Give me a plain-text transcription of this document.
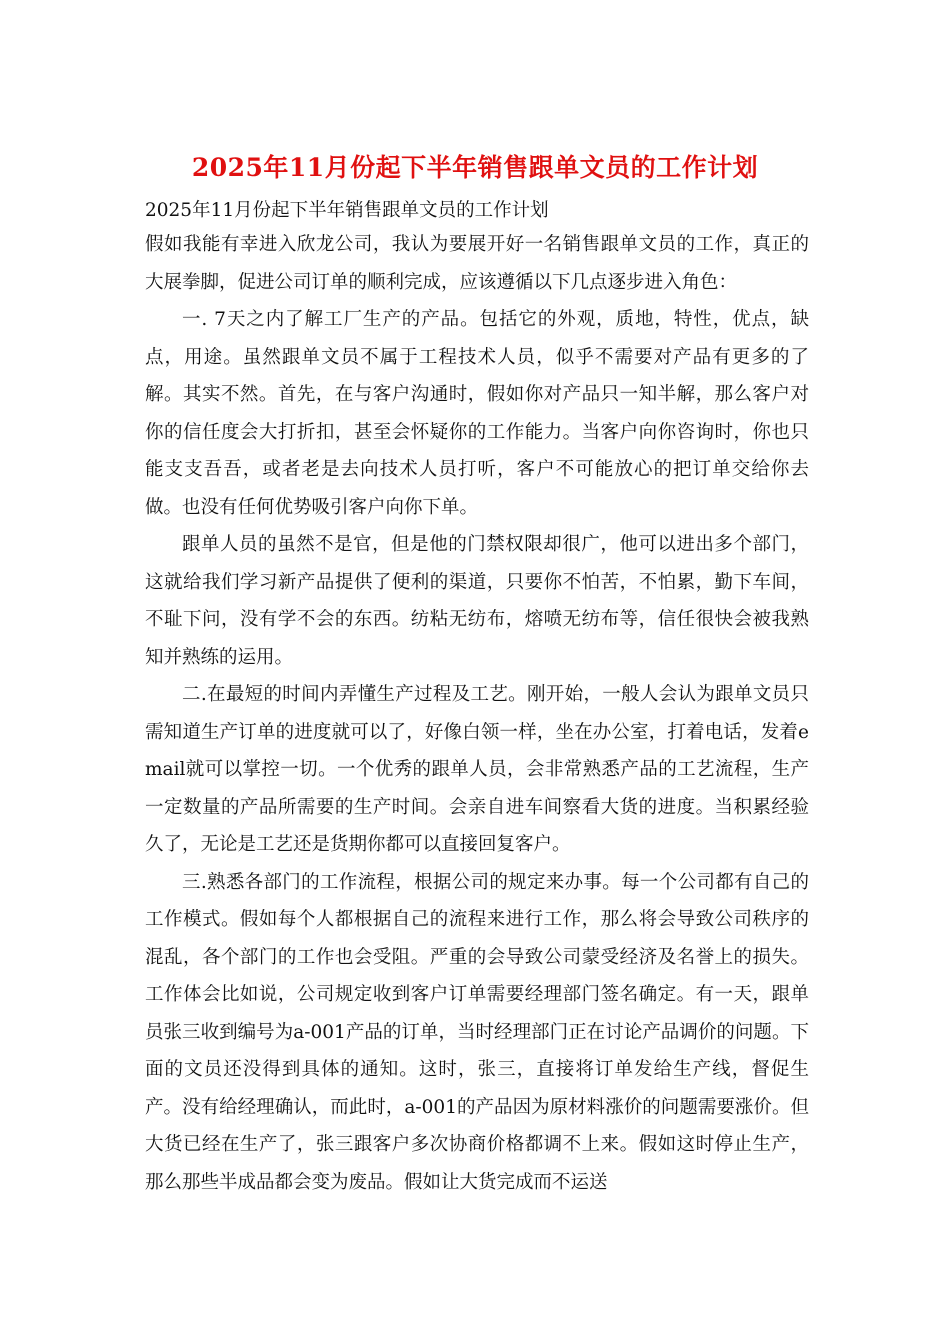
2025年11月份起下半年销售跟单文员的工作计划

2025年11月份起下半年销售跟单文员的工作计划

假如我能有幸进入欣龙公司，我认为要展开好一名销售跟单文员的工作，真正的大展拳脚，促进公司订单的顺利完成，应该遵循以下几点逐步进入角色：

一. 7天之内了解工厂生产的产品。包括它的外观，质地，特性，优点，缺点，用途。虽然跟单文员不属于工程技术人员，似乎不需要对产品有更多的了解。其实不然。首先，在与客户沟通时，假如你对产品只一知半解，那么客户对你的信任度会大打折扣，甚至会怀疑你的工作能力。当客户向你咨询时，你也只能支支吾吾，或者老是去向技术人员打听，客户不可能放心的把订单交给你去做。也没有任何优势吸引客户向你下单。

跟单人员的虽然不是官，但是他的门禁权限却很广，他可以进出多个部门，这就给我们学习新产品提供了便利的渠道，只要你不怕苦，不怕累，勤下车间，不耻下问，没有学不会的东西。纺粘无纺布，熔喷无纺布等，信任很快会被我熟知并熟练的运用。

二.在最短的时间内弄懂生产过程及工艺。刚开始，一般人会认为跟单文员只需知道生产订单的进度就可以了，好像白领一样，坐在办公室，打着电话，发着email就可以掌控一切。一个优秀的跟单人员，会非常熟悉产品的工艺流程，生产一定数量的产品所需要的生产时间。会亲自进车间察看大货的进度。当积累经验久了，无论是工艺还是货期你都可以直接回复客户。

三.熟悉各部门的工作流程，根据公司的规定来办事。每一个公司都有自己的工作模式。假如每个人都根据自己的流程来进行工作，那么将会导致公司秩序的混乱，各个部门的工作也会受阻。严重的会导致公司蒙受经济及名誉上的损失。工作体会比如说，公司规定收到客户订单需要经理部门签名确定。有一天，跟单员张三收到编号为a-001产品的订单，当时经理部门正在讨论产品调价的问题。下面的文员还没得到具体的通知。这时，张三，直接将订单发给生产线，督促生产。没有给经理确认，而此时，a-001的产品因为原材料涨价的问题需要涨价。但大货已经在生产了，张三跟客户多次协商价格都调不上来。假如这时停止生产，那么那些半成品都会变为废品。假如让大货完成而不运送
